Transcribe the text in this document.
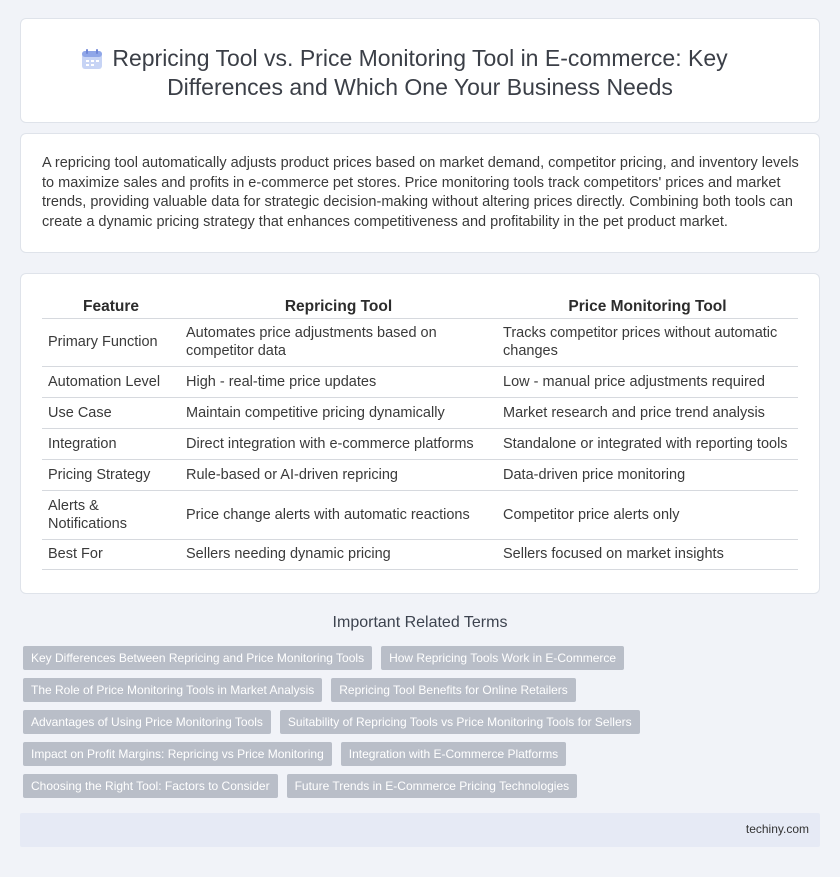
Repricing Tool vs. Price Monitoring Tool in E-commerce: Key Differences and Which One Your Business Needs

A repricing tool automatically adjusts product prices based on market demand, competitor pricing, and inventory levels to maximize sales and profits in e-commerce pet stores. Price monitoring tools track competitors' prices and market trends, providing valuable data for strategic decision-making without altering prices directly. Combining both tools can create a dynamic pricing strategy that enhances competitiveness and profitability in the pet product market.

Feature	Repricing Tool	Price Monitoring Tool
Primary Function	Automates price adjustments based on competitor data	Tracks competitor prices without automatic changes
Automation Level	High - real-time price updates	Low - manual price adjustments required
Use Case	Maintain competitive pricing dynamically	Market research and price trend analysis
Integration	Direct integration with e-commerce platforms	Standalone or integrated with reporting tools
Pricing Strategy	Rule-based or AI-driven repricing	Data-driven price monitoring
Alerts & Notifications	Price change alerts with automatic reactions	Competitor price alerts only
Best For	Sellers needing dynamic pricing	Sellers focused on market insights
Important Related Terms
Key Differences Between Repricing and Price Monitoring Tools	How Repricing Tools Work in E-Commerce
The Role of Price Monitoring Tools in Market Analysis	Repricing Tool Benefits for Online Retailers
Advantages of Using Price Monitoring Tools	Suitability of Repricing Tools vs Price Monitoring Tools for Sellers
Impact on Profit Margins: Repricing vs Price Monitoring	Integration with E-Commerce Platforms
Choosing the Right Tool: Factors to Consider	Future Trends in E-Commerce Pricing Technologies
techiny.com
